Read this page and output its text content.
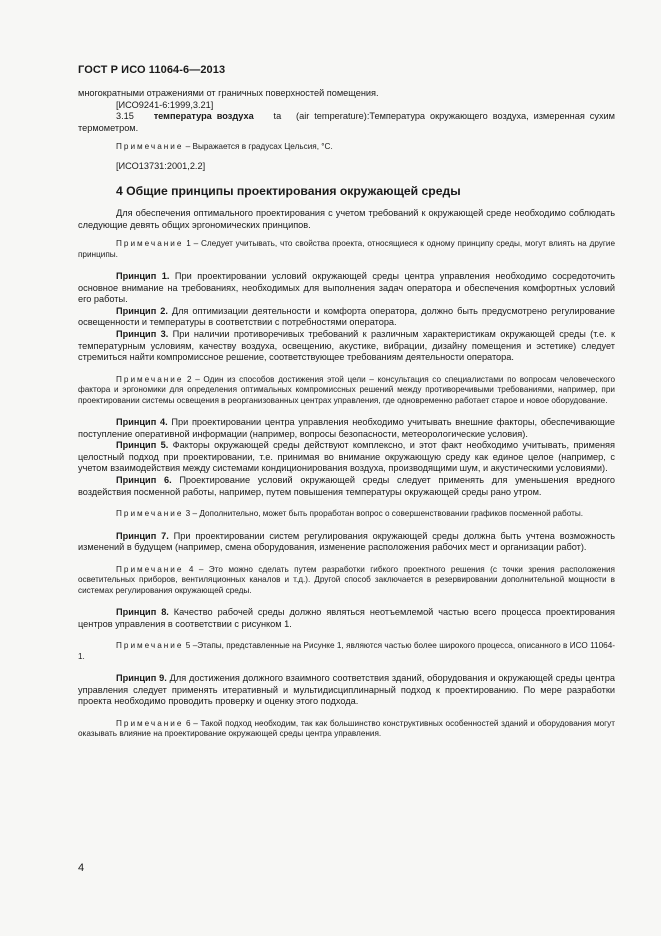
ГОСТ Р ИСО 11064-6—2013

многократными отражениями от граничных поверхностей помещения.

[ИСО9241-6:1999,3.21]

3.15 температура воздуха ta (air temperature):Температура окружающего воздуха, измеренная сухим термометром.

Примечание – Выражается в градусах Цельсия, °С.

[ИСО13731:2001,2.2]

4 Общие принципы проектирования окружающей среды

Для обеспечения оптимального проектирования с учетом требований к окружающей среде необходимо соблюдать следующие девять общих эргономических принципов.

Примечание 1 – Следует учитывать, что свойства проекта, относящиеся к одному принципу среды, могут влиять на другие принципы.

Принцип 1. При проектировании условий окружающей среды центра управления необходимо сосредоточить основное внимание на требованиях, необходимых для выполнения задач оператора и обеспечения комфортных условий его работы.

Принцип 2. Для оптимизации деятельности и комфорта оператора, должно быть предусмотрено регулирование освещенности и температуры в соответствии с потребностями оператора.

Принцип 3. При наличии противоречивых требований к различным характеристикам окружающей среды (т.е. к температурным условиям, качеству воздуха, освещению, акустике, вибрации, дизайну помещения и эстетике) следует стремиться найти компромиссное решение, соответствующее требованиям деятельности оператора.

Примечание 2 – Один из способов достижения этой цели – консультация со специалистами по вопросам человеческого фактора и эргономики для определения оптимальных компромиссных решений между противоречивыми требованиями, например, при проектировании системы освещения в реорганизованных центрах управления, где одновременно работает старое и новое оборудование.

Принцип 4. При проектировании центра управления необходимо учитывать внешние факторы, обеспечивающие поступление оперативной информации (например, вопросы безопасности, метеорологические условия).

Принцип 5. Факторы окружающей среды действуют комплексно, и этот факт необходимо учитывать, применяя целостный подход при проектировании, т.е. принимая во внимание окружающую среду как единое целое (например, с учетом взаимодействия между системами кондиционирования воздуха, производящими шум, и акустическими условиями).

Принцип 6. Проектирование условий окружающей среды следует применять для уменьшения вредного воздействия посменной работы, например, путем повышения температуры окружающей среды рано утром.

Примечание 3 – Дополнительно, может быть проработан вопрос о совершенствовании графиков посменной работы.

Принцип 7. При проектировании систем регулирования окружающей среды должна быть учтена возможность изменений в будущем (например, смена оборудования, изменение расположения рабочих мест и организации работ).

Примечание 4 – Это можно сделать путем разработки гибкого проектного решения (с точки зрения расположения осветительных приборов, вентиляционных каналов и т.д.). Другой способ заключается в резервировании дополнительной мощности в системах регулирования окружающей среды.

Принцип 8. Качество рабочей среды должно являться неотъемлемой частью всего процесса проектирования центров управления в соответствии с рисунком 1.

Примечание 5 –Этапы, представленные на Рисунке 1, являются частью более широкого процесса, описанного в ИСО 11064-1.

Принцип 9. Для достижения должного взаимного соответствия зданий, оборудования и окружающей среды центра управления следует применять итеративный и мультидисциплинарный подход к проектированию. По мере разработки проекта необходимо проводить проверку и оценку этого подхода.

Примечание 6 – Такой подход необходим, так как большинство конструктивных особенностей зданий и оборудования могут оказывать влияние на проектирование окружающей среды центра управления.

4
